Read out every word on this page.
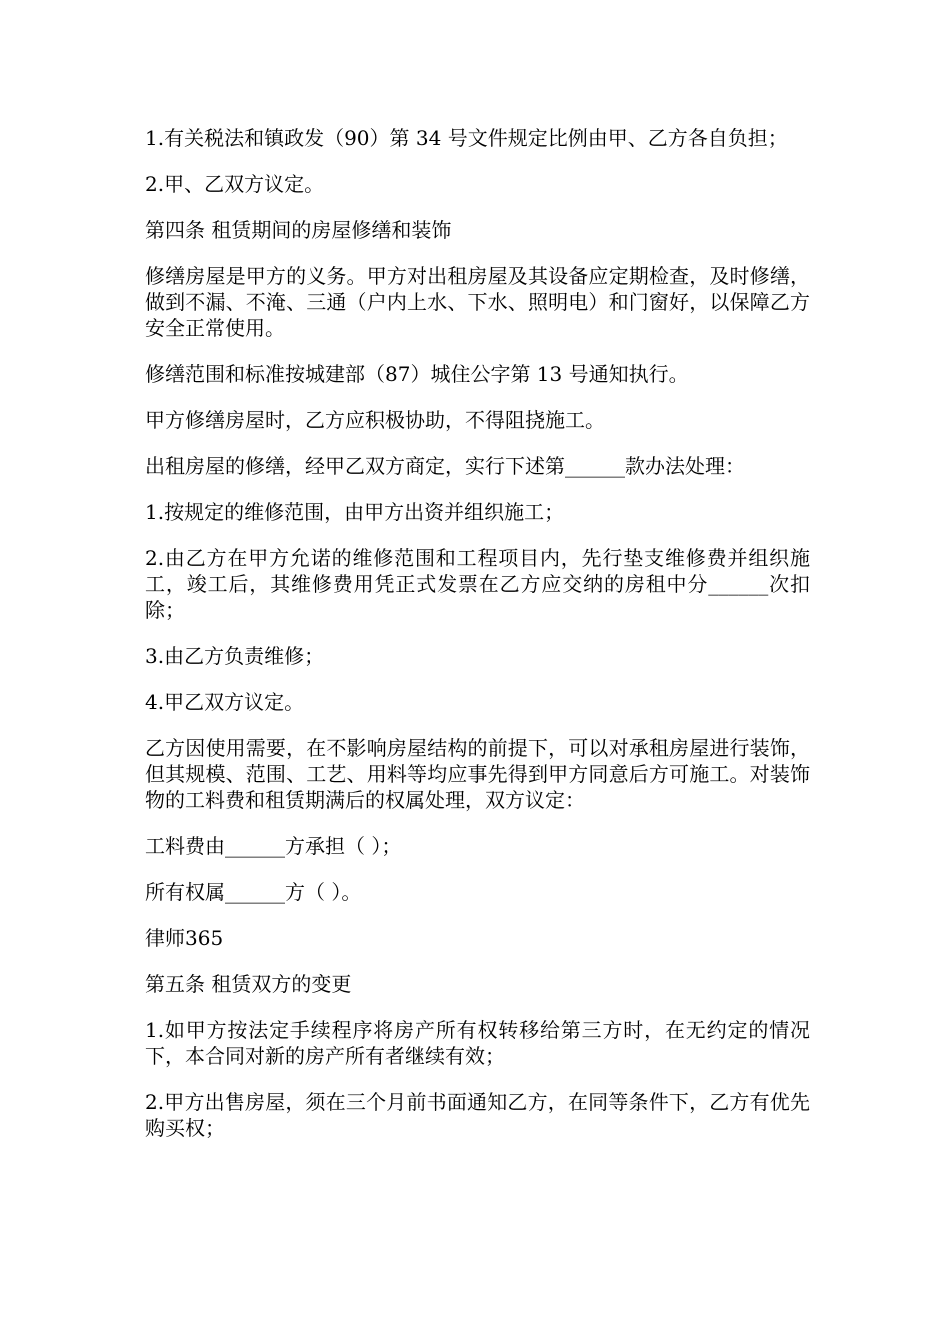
1.有关税法和镇政发（90）第 34 号文件规定比例由甲、乙方各自负担；

2.甲、乙双方议定。

第四条 租赁期间的房屋修缮和装饰

修缮房屋是甲方的义务。甲方对出租房屋及其设备应定期检查，及时修缮，做到不漏、不淹、三通（户内上水、下水、照明电）和门窗好，以保障乙方安全正常使用。

修缮范围和标准按城建部（87）城住公字第 13 号通知执行。

甲方修缮房屋时，乙方应积极协助，不得阻挠施工。

出租房屋的修缮，经甲乙双方商定，实行下述第______款办法处理：

1.按规定的维修范围，由甲方出资并组织施工；

2.由乙方在甲方允诺的维修范围和工程项目内，先行垫支维修费并组织施工，竣工后，其维修费用凭正式发票在乙方应交纳的房租中分______次扣除；

3.由乙方负责维修；

4.甲乙双方议定。

乙方因使用需要，在不影响房屋结构的前提下，可以对承租房屋进行装饰，但其规模、范围、工艺、用料等均应事先得到甲方同意后方可施工。对装饰物的工料费和租赁期满后的权属处理，双方议定：

工料费由______方承担（ ）；

所有权属______方（ ）。

律师365

第五条 租赁双方的变更

1.如甲方按法定手续程序将房产所有权转移给第三方时，在无约定的情况下，本合同对新的房产所有者继续有效；

2.甲方出售房屋，须在三个月前书面通知乙方，在同等条件下，乙方有优先购买权；
